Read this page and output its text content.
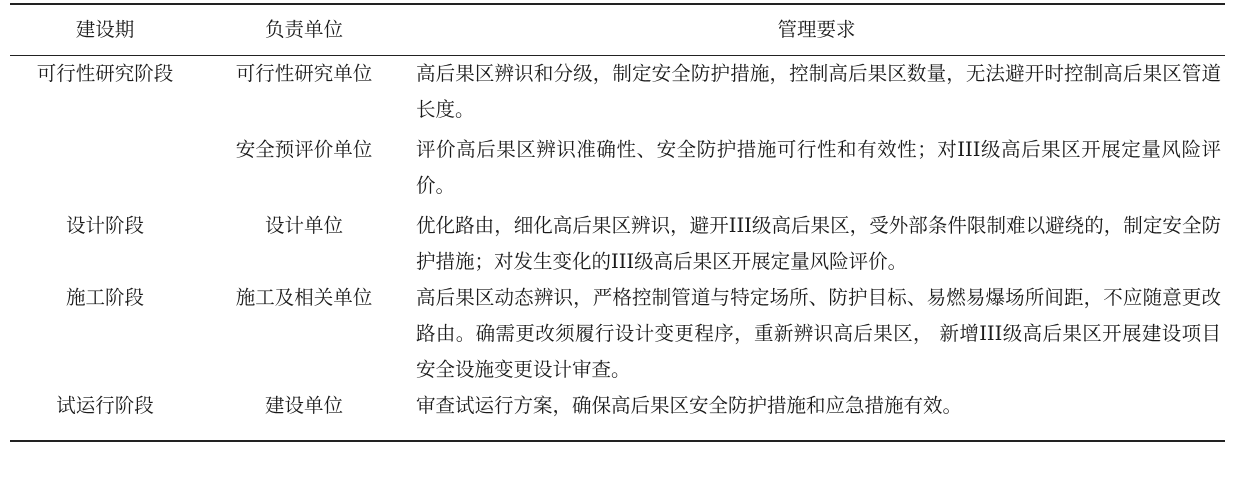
建设期	负责单位	管理要求
可行性研究阶段	可行性研究单位	高后果区辨识和分级，制定安全防护措施，控制高后果区数量，无法避开时控制高后果区管道长度。
	安全预评价单位	评价高后果区辨识准确性、安全防护措施可行性和有效性；对III级高后果区开展定量风险评价。
设计阶段	设计单位	优化路由，细化高后果区辨识，避开III级高后果区，受外部条件限制难以避绕的，制定安全防护措施；对发生变化的III级高后果区开展定量风险评价。
施工阶段	施工及相关单位	高后果区动态辨识，严格控制管道与特定场所、防护目标、易燃易爆场所间距，不应随意更改路由。确需更改须履行设计变更程序，重新辨识高后果区， 新增III级高后果区开展建设项目安全设施变更设计审查。
试运行阶段	建设单位	审查试运行方案，确保高后果区安全防护措施和应急措施有效。
